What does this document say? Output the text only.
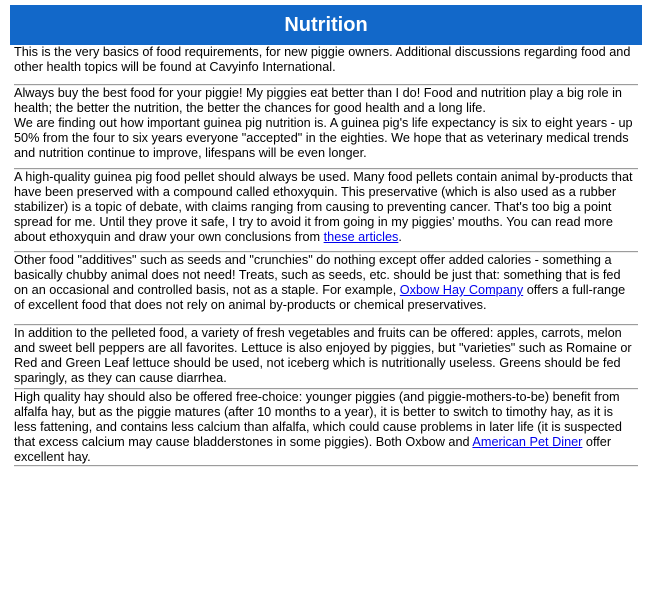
Nutrition

This is the very basics of food requirements, for new piggie owners. Additional discussions regarding food and other health topics will be found at Cavyinfo International.

Always buy the best food for your piggie! My piggies eat better than I do! Food and nutrition play a big role in health; the better the nutrition, the better the chances for good health and a long life.

We are finding out how important guinea pig nutrition is. A guinea pig's life expectancy is six to eight years - up 50% from the four to six years everyone "accepted" in the eighties. We hope that as veterinary medical trends and nutrition continue to improve, lifespans will be even longer.

A high-quality guinea pig food pellet should always be used. Many food pellets contain animal by-products that have been preserved with a compound called ethoxyquin. This preservative (which is also used as a rubber stabilizer) is a topic of debate, with claims ranging from causing to preventing cancer. That's too big a point spread for me. Until they prove it safe, I try to avoid it from going in my piggies’ mouths. You can read more about ethoxyquin and draw your own conclusions from these articles.

Other food "additives" such as seeds and "crunchies" do nothing except offer added calories - something a basically chubby animal does not need! Treats, such as seeds, etc. should be just that: something that is fed on an occasional and controlled basis, not as a staple. For example, Oxbow Hay Company offers a full-range of excellent food that does not rely on animal by-products or chemical preservatives.

In addition to the pelleted food, a variety of fresh vegetables and fruits can be offered: apples, carrots, melon and sweet bell peppers are all favorites. Lettuce is also enjoyed by piggies, but "varieties" such as Romaine or Red and Green Leaf lettuce should be used, not iceberg which is nutritionally useless. Greens should be fed sparingly, as they can cause diarrhea.

High quality hay should also be offered free-choice: younger piggies (and piggie-mothers-to-be) benefit from alfalfa hay, but as the piggie matures (after 10 months to a year), it is better to switch to timothy hay, as it is less fattening, and contains less calcium than alfalfa, which could cause problems in later life (it is suspected that excess calcium may cause bladderstones in some piggies). Both Oxbow and American Pet Diner offer excellent hay.
